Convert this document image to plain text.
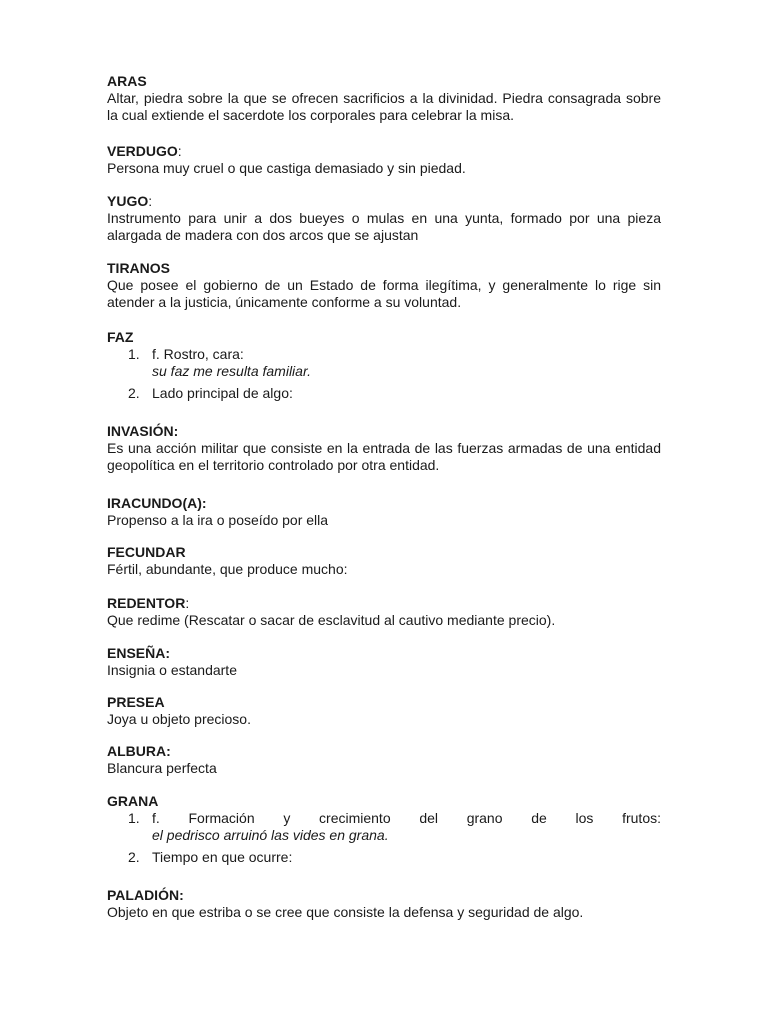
ARAS

Altar, piedra sobre la que se ofrecen sacrificios a la divinidad. Piedra consagrada sobre la cual extiende el sacerdote los corporales para celebrar la misa.

VERDUGO:

Persona muy cruel o que castiga demasiado y sin piedad.

YUGO:

Instrumento para unir a dos bueyes o mulas en una yunta, formado por una pieza alargada de madera con dos arcos que se ajustan

TIRANOS

Que posee el gobierno de un Estado de forma ilegítima, y generalmente lo rige sin atender a la justicia, únicamente conforme a su voluntad.

FAZ

1. f. Rostro, cara:
su faz me resulta familiar.
2. Lado principal de algo:

INVASIÓN:

Es una acción militar que consiste en la entrada de las fuerzas armadas de una entidad geopolítica en el territorio controlado por otra entidad.

IRACUNDO(A):

Propenso a la ira o poseído por ella

FECUNDAR

Fértil, abundante, que produce mucho:

REDENTOR:

Que redime (Rescatar o sacar de esclavitud al cautivo mediante precio).

ENSEÑA:

Insignia o estandarte

PRESEA

Joya u objeto precioso.

ALBURA:

Blancura perfecta

GRANA

1. f. Formación y crecimiento del grano de los frutos:
el pedrisco arruinó las vides en grana.
2. Tiempo en que ocurre:

PALADIÓN:

Objeto en que estriba o se cree que consiste la defensa y seguridad de algo.
